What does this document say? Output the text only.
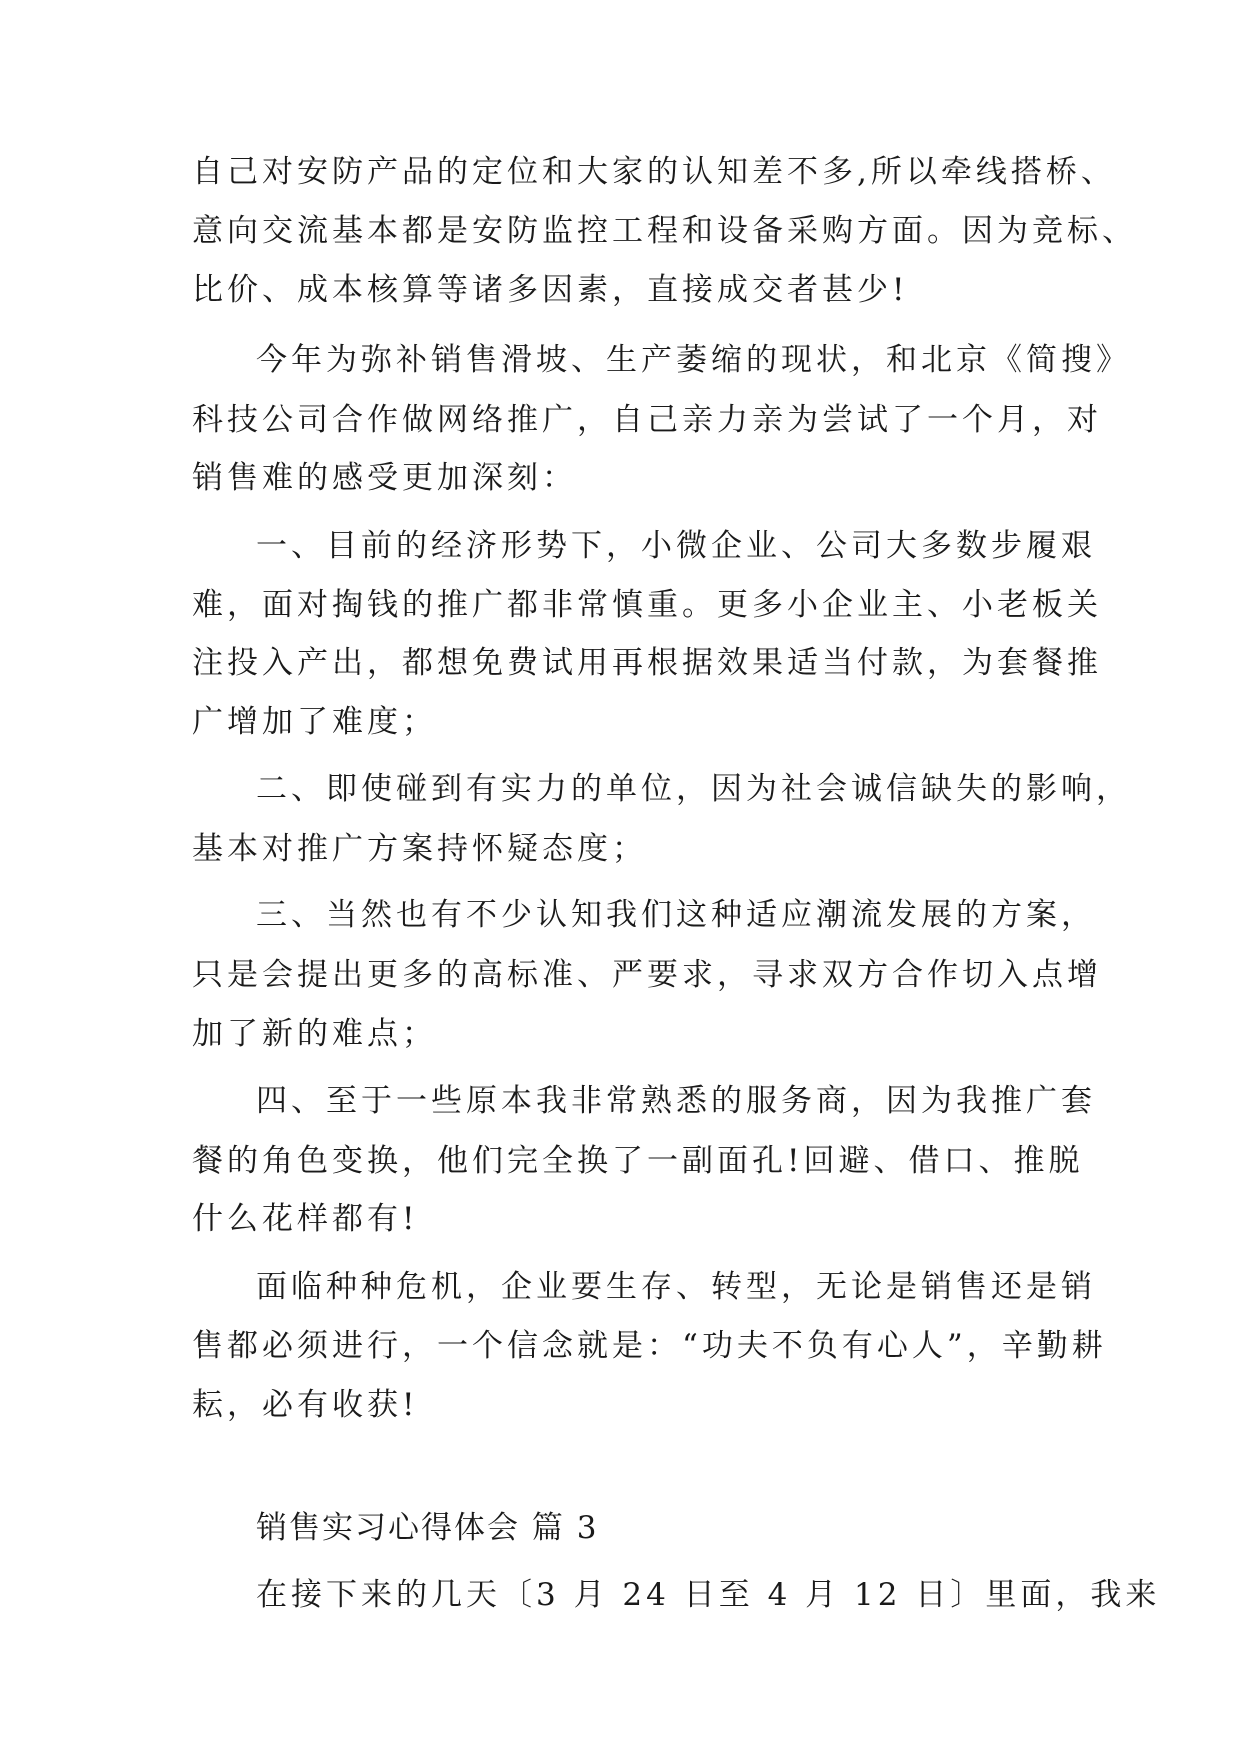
自己对安防产品的定位和大家的认知差不多,所以牵线搭桥、
意向交流基本都是安防监控工程和设备采购方面。因为竞标、
比价、成本核算等诸多因素，直接成交者甚少!
今年为弥补销售滑坡、生产萎缩的现状，和北京《简搜》
科技公司合作做网络推广，自己亲力亲为尝试了一个月，对
销售难的感受更加深刻：
一、目前的经济形势下，小微企业、公司大多数步履艰
难，面对掏钱的推广都非常慎重。更多小企业主、小老板关
注投入产出，都想免费试用再根据效果适当付款，为套餐推
广增加了难度；
二、即使碰到有实力的单位，因为社会诚信缺失的影响，
基本对推广方案持怀疑态度；
三、当然也有不少认知我们这种适应潮流发展的方案，
只是会提出更多的高标准、严要求，寻求双方合作切入点增
加了新的难点；
四、至于一些原本我非常熟悉的服务商，因为我推广套
餐的角色变换，他们完全换了一副面孔!回避、借口、推脱
什么花样都有!
面临种种危机，企业要生存、转型，无论是销售还是销
售都必须进行，一个信念就是：“功夫不负有心人”，辛勤耕
耘，必有收获!
销售实习心得体会 篇 3
在接下来的几天〔3 月 24 日至 4 月 12 日〕里面，我来
